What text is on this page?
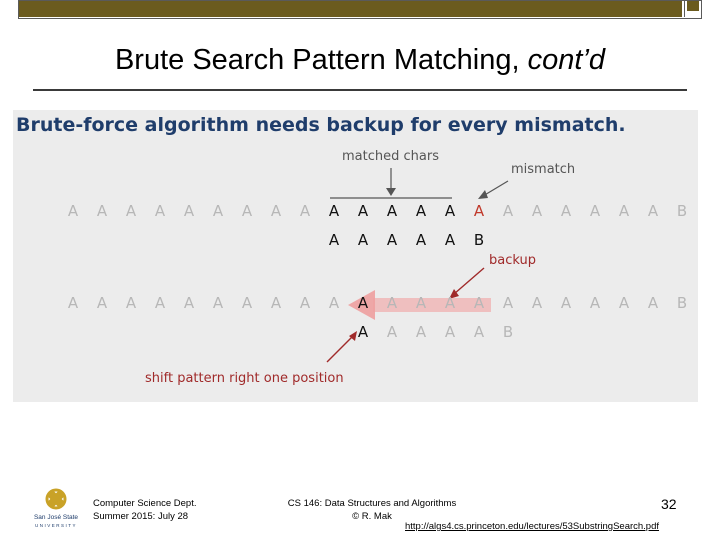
Brute Search Pattern Matching, cont’d
Brute-force algorithm needs backup for every mismatch.
matched chars
mismatch
backup
shift pattern right one position
A	A	A	A	A	A	A	A	A	A	A	A	A	A	A	A	A	A	A	A	A	B
A	A	A	A	A	B
A	A	A	A	A	A	A	A	A	A	A	A	A	A	A	A	A	A	A	A	A	B
A	A	A	A	A	B
San José State
UNIVERSITY
Computer Science Dept.
Summer 2015: July 28
CS 146: Data Structures and Algorithms
© R. Mak
32
http://algs4.cs.princeton.edu/lectures/53SubstringSearch.pdf
